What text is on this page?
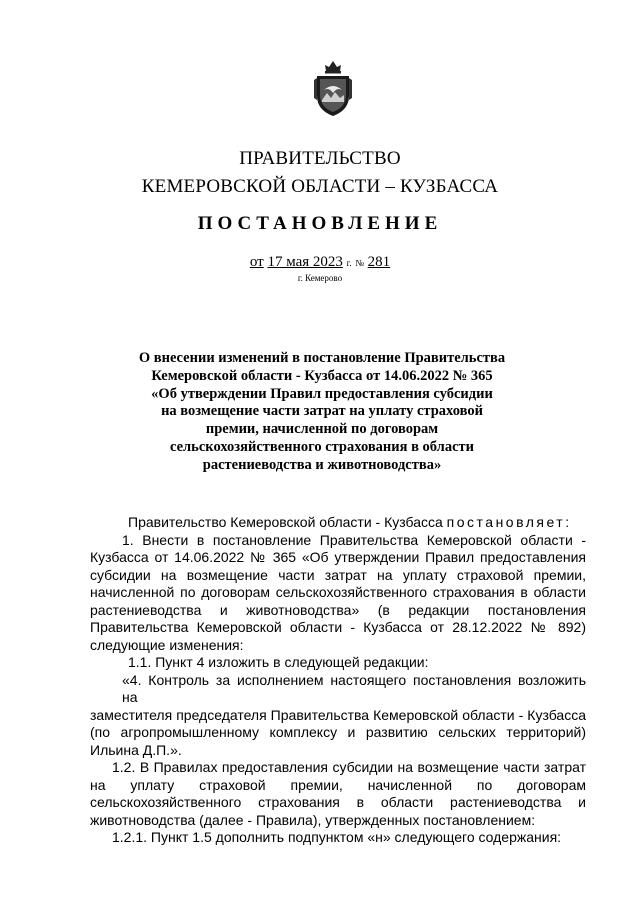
ПРАВИТЕЛЬСТВО
КЕМЕРОВСКОЙ ОБЛАСТИ – КУЗБАССА
ПОСТАНОВЛЕНИЕ
от 17 мая 2023 г. № 281
г. Кемерово
О внесении изменений в постановление Правительства
Кемеровской области - Кузбасса от 14.06.2022 № 365
«Об утверждении Правил предоставления субсидии
на возмещение части затрат на уплату страховой
премии, начисленной по договорам
сельскохозяйственного страхования в области
растениеводства и животноводства»
Правительство Кемеровской области - Кузбасса постановляет:
1. Внести в постановление Правительства Кемеровской области -
Кузбасса от 14.06.2022 № 365 «Об утверждении Правил предоставления
субсидии на возмещение части затрат на уплату страховой премии,
начисленной по договорам сельскохозяйственного страхования в области
растениеводства и животноводства» (в редакции постановления
Правительства Кемеровской области - Кузбасса от 28.12.2022 № 892)
следующие изменения:
1.1. Пункт 4 изложить в следующей редакции:
«4. Контроль за исполнением настоящего постановления возложить на
заместителя председателя Правительства Кемеровской области - Кузбасса
(по агропромышленному комплексу и развитию сельских территорий)
Ильина Д.П.».
1.2. В Правилах предоставления субсидии на возмещение части затрат
на уплату страховой премии, начисленной по договорам
сельскохозяйственного страхования в области растениеводства и
животноводства (далее - Правила), утвержденных постановлением:
1.2.1. Пункт 1.5 дополнить подпунктом «н» следующего содержания:
